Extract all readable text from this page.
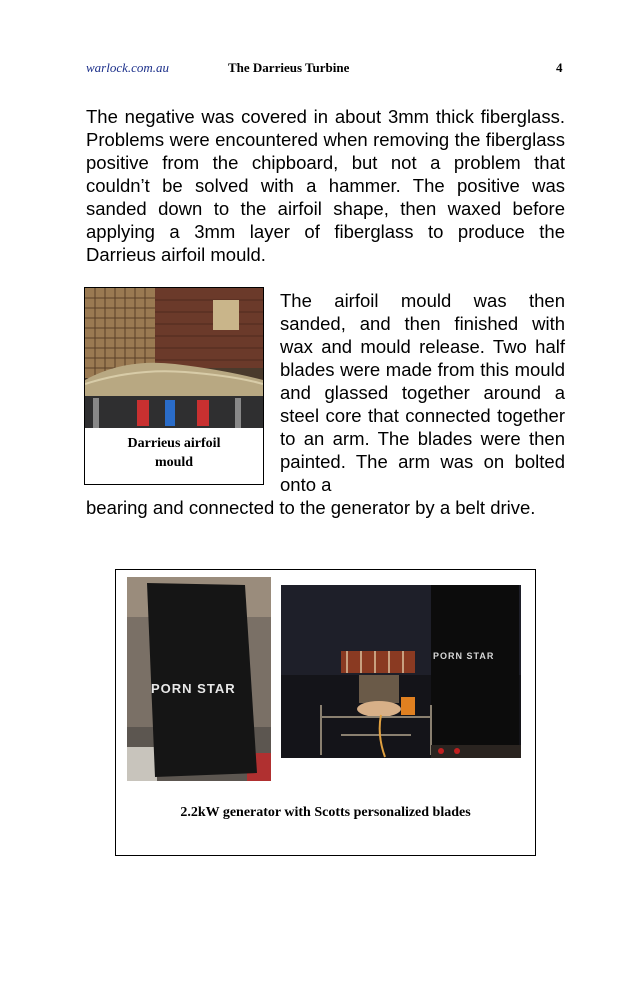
warlock.com.au	The Darrieus Turbine	4
The negative was covered in about 3mm thick fiberglass. Problems were encountered when removing the fiberglass positive from the chipboard, but not a problem that couldn’t be solved with a hammer. The positive was sanded down to the airfoil shape, then waxed before applying a 3mm layer of fiberglass to produce the Darrieus airfoil mould.
Darrieus airfoil
mould
The airfoil mould was then sanded, and then finished with wax and mould release. Two half blades were made from this mould and glassed together around a steel core that connected together to an arm. The blades were then painted. The arm was on bolted onto a
bearing and connected to the generator by a belt drive.
PORN STAR
PORN STAR
2.2kW generator with Scotts personalized blades
